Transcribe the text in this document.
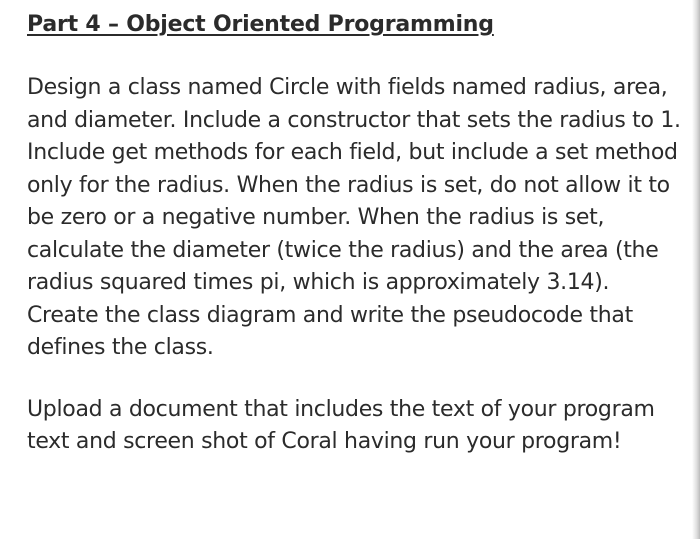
Part 4 – Object Oriented Programming

Design a class named Circle with fields named radius, area, and diameter. Include a constructor that sets the radius to 1. Include get methods for each field, but include a set method only for the radius. When the radius is set, do not allow it to be zero or a negative number. When the radius is set, calculate the diameter (twice the radius) and the area (the radius squared times pi, which is approximately 3.14). Create the class diagram and write the pseudocode that defines the class.

Upload a document that includes the text of your program text and screen shot of Coral having run your program!
